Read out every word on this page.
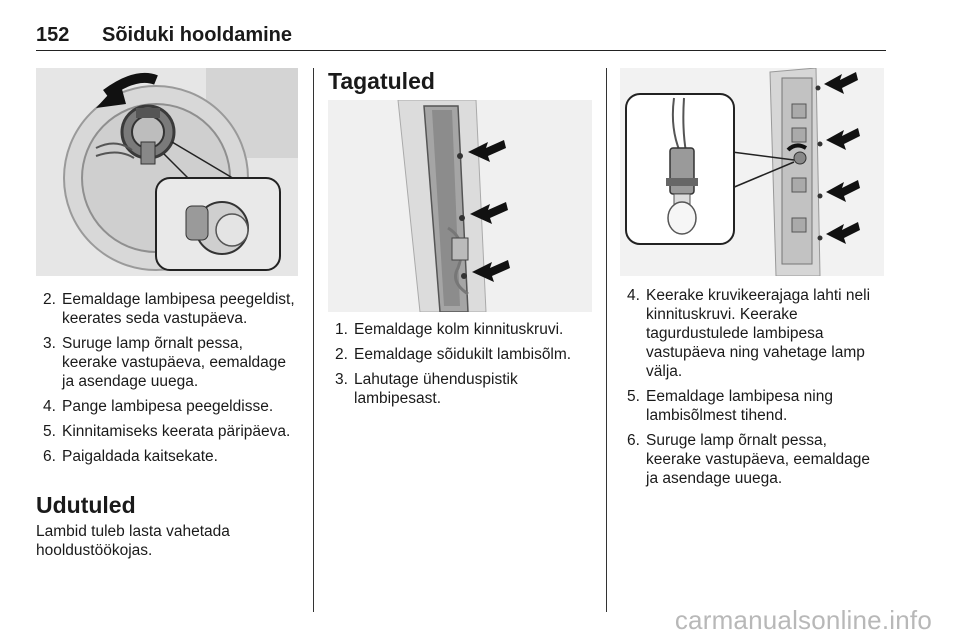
152 Sõiduki hooldamine
2. Eemaldage lambipesa peegeldist, keerates seda vastupäeva.
3. Suruge lamp õrnalt pessa, keerake vastupäeva, eemaldage ja asendage uuega.
4. Pange lambipesa peegeldisse.
5. Kinnitamiseks keerata päripäeva.
6. Paigaldada kaitsekate.
Udutuled

Lambid tuleb lasta vahetada hooldustöökojas.

Tagatuled
1. Eemaldage kolm kinnituskruvi.
2. Eemaldage sõidukilt lambisõlm.
3. Lahutage ühenduspistik lambipesast.
4. Keerake kruvikeerajaga lahti neli kinnituskruvi. Keerake tagurdustulede lambipesa vastupäeva ning vahetage lamp välja.
5. Eemaldage lambipesa ning lambisõlmest tihend.
6. Suruge lamp õrnalt pessa, keerake vastupäeva, eemaldage ja asendage uuega.
carmanualsonline.info
